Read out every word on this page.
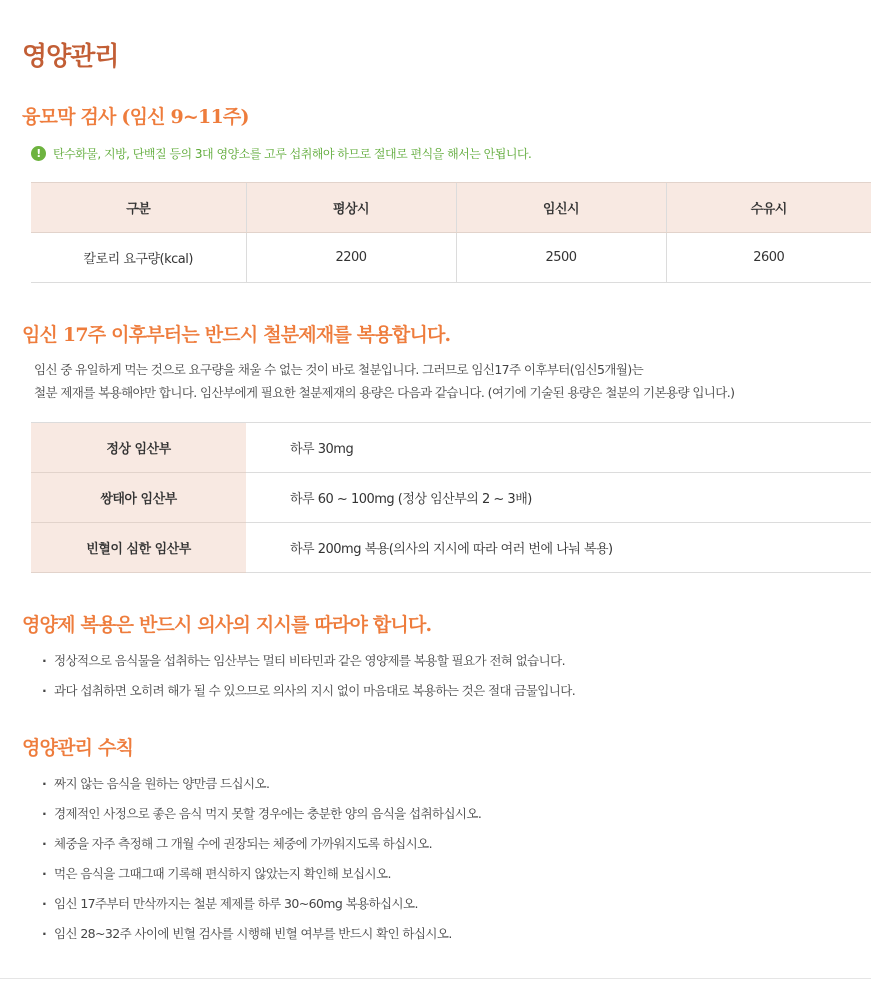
영양관리
융모막 검사 (임신 9~11주)
!	탄수화물, 지방, 단백질 등의 3대 영양소를 고루 섭취해야 하므로 절대로 편식을 해서는 안됩니다.
구분	평상시	임신시	수유시
칼로리 요구량(kcal)	2200	2500	2600
임신 17주 이후부터는 반드시 철분제재를 복용합니다.
임신 중 유일하게 먹는 것으로 요구량을 채울 수 없는 것이 바로 철분입니다. 그러므로 임신17주 이후부터(임신5개월)는
철분 제재를 복용해야만 합니다. 임산부에게 필요한 철분제재의 용량은 다음과 같습니다. (여기에 기술된 용량은 철분의 기본용량 입니다.)
정상 임산부	하루 30mg
쌍태아 임산부	하루 60 ~ 100mg (정상 임산부의 2 ~ 3배)
빈혈이 심한 임산부	하루 200mg 복용(의사의 지시에 따라 여러 번에 나눠 복용)
영양제 복용은 반드시 의사의 지시를 따라야 합니다.
· 정상적으로 음식물을 섭취하는 임산부는 멀티 비타민과 같은 영양제를 복용할 필요가 전혀 없습니다.
· 과다 섭취하면 오히려 해가 될 수 있으므로 의사의 지시 없이 마음대로 복용하는 것은 절대 금물입니다.
영양관리 수칙
· 짜지 않는 음식을 원하는 양만큼 드십시오.
· 경제적인 사정으로 좋은 음식 먹지 못할 경우에는 충분한 양의 음식을 섭취하십시오.
· 체중을 자주 측정해 그 개월 수에 권장되는 체중에 가까워지도록 하십시오.
· 먹은 음식을 그때그때 기록해 편식하지 않았는지 확인해 보십시오.
· 임신 17주부터 만삭까지는 철분 제제를 하루 30~60mg 복용하십시오.
· 임신 28~32주 사이에 빈혈 검사를 시행해 빈혈 여부를 반드시 확인 하십시오.
